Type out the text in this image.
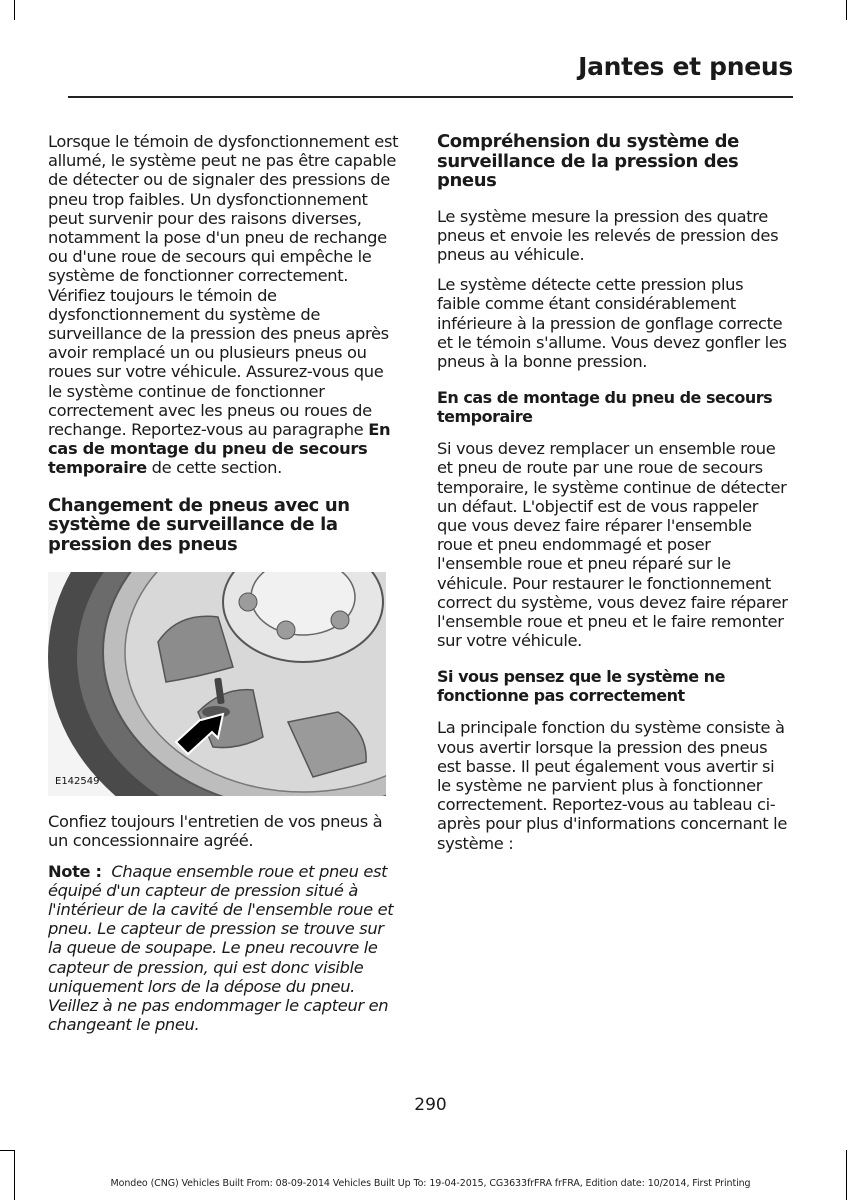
Jantes et pneus

Lorsque le témoin de dysfonctionnement est allumé, le système peut ne pas être capable de détecter ou de signaler des pressions de pneu trop faibles. Un dysfonctionnement peut survenir pour des raisons diverses, notamment la pose d'un pneu de rechange ou d'une roue de secours qui empêche le système de fonctionner correctement. Vérifiez toujours le témoin de dysfonctionnement du système de surveillance de la pression des pneus après avoir remplacé un ou plusieurs pneus ou roues sur votre véhicule. Assurez-vous que le système continue de fonctionner correctement avec les pneus ou roues de rechange. Reportez-vous au paragraphe En cas de montage du pneu de secours temporaire de cette section.

Changement de pneus avec un système de surveillance de la pression des pneus
E142549

Confiez toujours l'entretien de vos pneus à un concessionnaire agréé.

Note : Chaque ensemble roue et pneu est équipé d'un capteur de pression situé à l'intérieur de la cavité de l'ensemble roue et pneu. Le capteur de pression se trouve sur la queue de soupape. Le pneu recouvre le capteur de pression, qui est donc visible uniquement lors de la dépose du pneu. Veillez à ne pas endommager le capteur en changeant le pneu.

Compréhension du système de surveillance de la pression des pneus

Le système mesure la pression des quatre pneus et envoie les relevés de pression des pneus au véhicule.

Le système détecte cette pression plus faible comme étant considérablement inférieure à la pression de gonflage correcte et le témoin s'allume. Vous devez gonfler les pneus à la bonne pression.

En cas de montage du pneu de secours temporaire

Si vous devez remplacer un ensemble roue et pneu de route par une roue de secours temporaire, le système continue de détecter un défaut. L'objectif est de vous rappeler que vous devez faire réparer l'ensemble roue et pneu endommagé et poser l'ensemble roue et pneu réparé sur le véhicule. Pour restaurer le fonctionnement correct du système, vous devez faire réparer l'ensemble roue et pneu et le faire remonter sur votre véhicule.

Si vous pensez que le système ne fonctionne pas correctement

La principale fonction du système consiste à vous avertir lorsque la pression des pneus est basse. Il peut également vous avertir si le système ne parvient plus à fonctionner correctement. Reportez-vous au tableau ci-après pour plus d'informations concernant le système :

290
Mondeo (CNG) Vehicles Built From: 08-09-2014 Vehicles Built Up To: 19-04-2015, CG3633frFRA frFRA, Edition date: 10/2014, First Printing
